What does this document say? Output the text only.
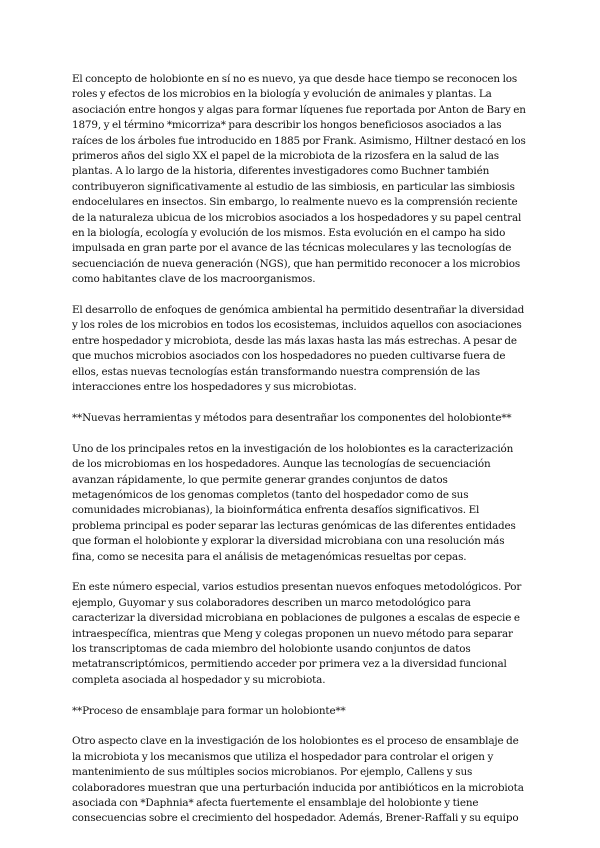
El concepto de holobionte en sí no es nuevo, ya que desde hace tiempo se reconocen los roles y efectos de los microbios en la biología y evolución de animales y plantas. La asociación entre hongos y algas para formar líquenes fue reportada por Anton de Bary en 1879, y el término *micorriza* para describir los hongos beneficiosos asociados a las raíces de los árboles fue introducido en 1885 por Frank. Asimismo, Hiltner destacó en los primeros años del siglo XX el papel de la microbiota de la rizosfera en la salud de las plantas. A lo largo de la historia, diferentes investigadores como Buchner también contribuyeron significativamente al estudio de las simbiosis, en particular las simbiosis endocelulares en insectos. Sin embargo, lo realmente nuevo es la comprensión reciente de la naturaleza ubicua de los microbios asociados a los hospedadores y su papel central en la biología, ecología y evolución de los mismos. Esta evolución en el campo ha sido impulsada en gran parte por el avance de las técnicas moleculares y las tecnologías de secuenciación de nueva generación (NGS), que han permitido reconocer a los microbios como habitantes clave de los macroorganismos.

El desarrollo de enfoques de genómica ambiental ha permitido desentrañar la diversidad y los roles de los microbios en todos los ecosistemas, incluidos aquellos con asociaciones entre hospedador y microbiota, desde las más laxas hasta las más estrechas. A pesar de que muchos microbios asociados con los hospedadores no pueden cultivarse fuera de ellos, estas nuevas tecnologías están transformando nuestra comprensión de las interacciones entre los hospedadores y sus microbiotas.

**Nuevas herramientas y métodos para desentrañar los componentes del holobionte**

Uno de los principales retos en la investigación de los holobiontes es la caracterización de los microbiomas en los hospedadores. Aunque las tecnologías de secuenciación avanzan rápidamente, lo que permite generar grandes conjuntos de datos metagenómicos de los genomas completos (tanto del hospedador como de sus comunidades microbianas), la bioinformática enfrenta desafíos significativos. El problema principal es poder separar las lecturas genómicas de las diferentes entidades que forman el holobionte y explorar la diversidad microbiana con una resolución más fina, como se necesita para el análisis de metagenómicas resueltas por cepas.

En este número especial, varios estudios presentan nuevos enfoques metodológicos. Por ejemplo, Guyomar y sus colaboradores describen un marco metodológico para caracterizar la diversidad microbiana en poblaciones de pulgones a escalas de especie e intraespecífica, mientras que Meng y colegas proponen un nuevo método para separar los transcriptomas de cada miembro del holobionte usando conjuntos de datos metatranscriptómicos, permitiendo acceder por primera vez a la diversidad funcional completa asociada al hospedador y su microbiota.

**Proceso de ensamblaje para formar un holobionte**

Otro aspecto clave en la investigación de los holobiontes es el proceso de ensamblaje de la microbiota y los mecanismos que utiliza el hospedador para controlar el origen y mantenimiento de sus múltiples socios microbianos. Por ejemplo, Callens y sus colaboradores muestran que una perturbación inducida por antibióticos en la microbiota asociada con *Daphnia* afecta fuertemente el ensamblaje del holobionte y tiene consecuencias sobre el crecimiento del hospedador. Además, Brener-Raffali y su equipo
